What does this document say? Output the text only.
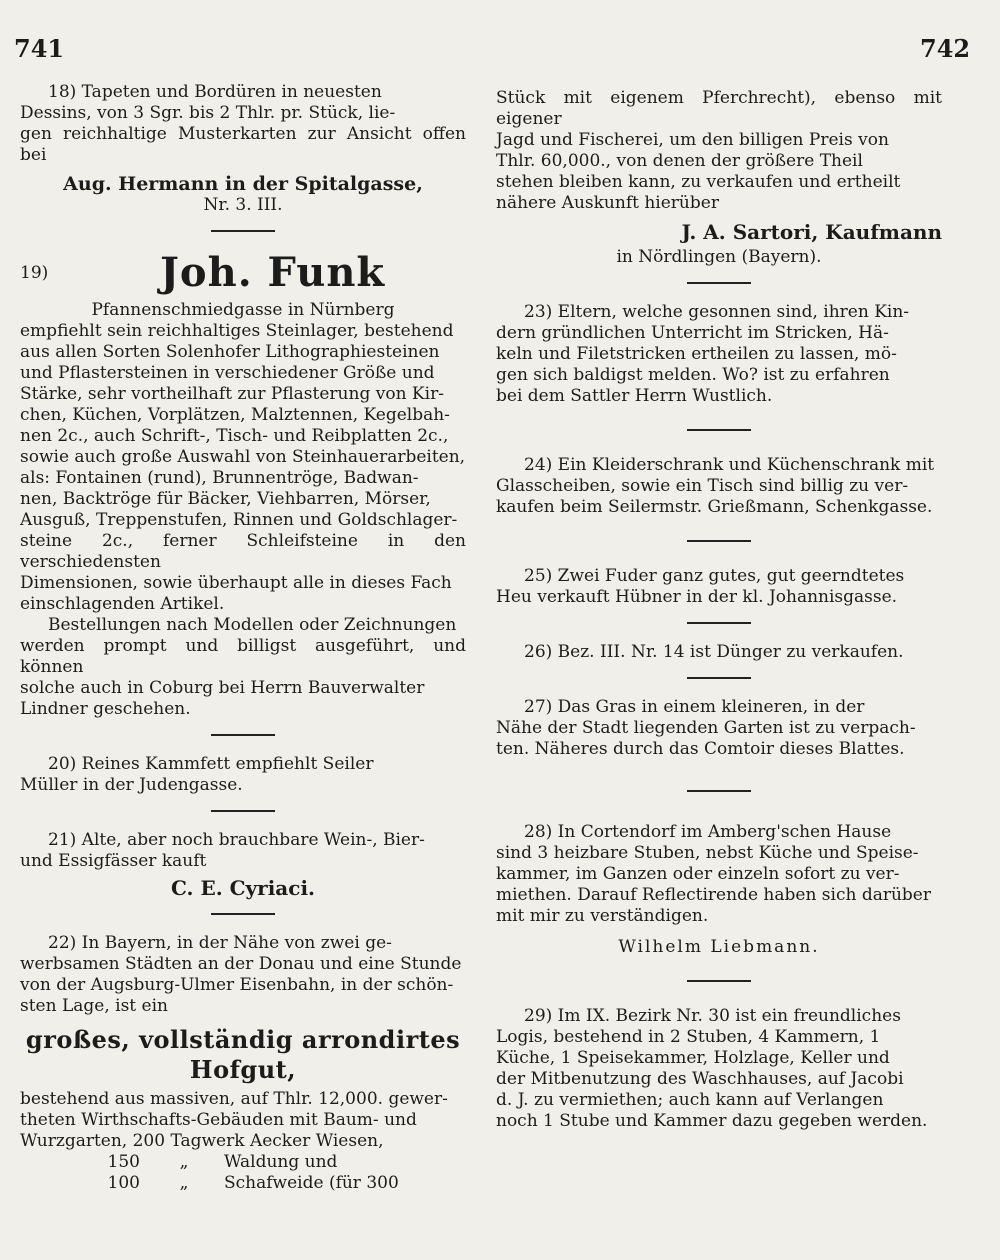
741	742

18) Tapeten und Bordüren in neuesten

Dessins, von 3 Sgr. bis 2 Thlr. pr. Stück, lie-

gen reichhaltige Musterkarten zur Ansicht offen bei

Aug. Hermann in der Spitalgasse,

Nr. 3. III.

19)	Joh. Funk

Pfannenschmiedgasse in Nürnberg

empfiehlt sein reichhaltiges Steinlager, bestehend

aus allen Sorten Solenhofer Lithographiesteinen

und Pflastersteinen in verschiedener Größe und

Stärke, sehr vortheilhaft zur Pflasterung von Kir-

chen, Küchen, Vorplätzen, Malztennen, Kegelbah-

nen 2c., auch Schrift-, Tisch- und Reibplatten 2c.,

sowie auch große Auswahl von Steinhauerarbeiten,

als: Fontainen (rund), Brunnentröge, Badwan-

nen, Backtröge für Bäcker, Viehbarren, Mörser,

Ausguß, Treppenstufen, Rinnen und Goldschlager-

steine 2c., ferner Schleifsteine in den verschiedensten

Dimensionen, sowie überhaupt alle in dieses Fach

einschlagenden Artikel.

Bestellungen nach Modellen oder Zeichnungen

werden prompt und billigst ausgeführt, und können

solche auch in Coburg bei Herrn Bauverwalter

Lindner geschehen.

20) Reines Kammfett empfiehlt Seiler

Müller in der Judengasse.

21) Alte, aber noch brauchbare Wein-, Bier-

und Essigfässer kauft

C. E. Cyriaci.

22) In Bayern, in der Nähe von zwei ge-

werbsamen Städten an der Donau und eine Stunde

von der Augsburg-Ulmer Eisenbahn, in der schön-

sten Lage, ist ein

großes, vollständig arrondirtes

Hofgut,

bestehend aus massiven, auf Thlr. 12,000. gewer-

theten Wirthschafts-Gebäuden mit Baum- und

Wurzgarten, 200 Tagwerk Aecker Wiesen,

150	„	Waldung und
100	„	Schafweide (für 300

Stück mit eigenem Pferchrecht), ebenso mit eigener

Jagd und Fischerei, um den billigen Preis von

Thlr. 60,000., von denen der größere Theil

stehen bleiben kann, zu verkaufen und ertheilt

nähere Auskunft hierüber

J. A. Sartori, Kaufmann

in Nördlingen (Bayern).

23) Eltern, welche gesonnen sind, ihren Kin-

dern gründlichen Unterricht im Stricken, Hä-

keln und Filetstricken ertheilen zu lassen, mö-

gen sich baldigst melden. Wo? ist zu erfahren

bei dem Sattler Herrn Wustlich.

24) Ein Kleiderschrank und Küchenschrank mit

Glasscheiben, sowie ein Tisch sind billig zu ver-

kaufen beim Seilermstr. Grießmann, Schenkgasse.

25) Zwei Fuder ganz gutes, gut geerndtetes

Heu verkauft Hübner in der kl. Johannisgasse.

26) Bez. III. Nr. 14 ist Dünger zu verkaufen.

27) Das Gras in einem kleineren, in der

Nähe der Stadt liegenden Garten ist zu verpach-

ten. Näheres durch das Comtoir dieses Blattes.

28) In Cortendorf im Amberg'schen Hause

sind 3 heizbare Stuben, nebst Küche und Speise-

kammer, im Ganzen oder einzeln sofort zu ver-

miethen. Darauf Reflectirende haben sich darüber

mit mir zu verständigen.

Wilhelm Liebmann.

29) Im IX. Bezirk Nr. 30 ist ein freundliches

Logis, bestehend in 2 Stuben, 4 Kammern, 1

Küche, 1 Speisekammer, Holzlage, Keller und

der Mitbenutzung des Waschhauses, auf Jacobi

d. J. zu vermiethen; auch kann auf Verlangen

noch 1 Stube und Kammer dazu gegeben werden.
